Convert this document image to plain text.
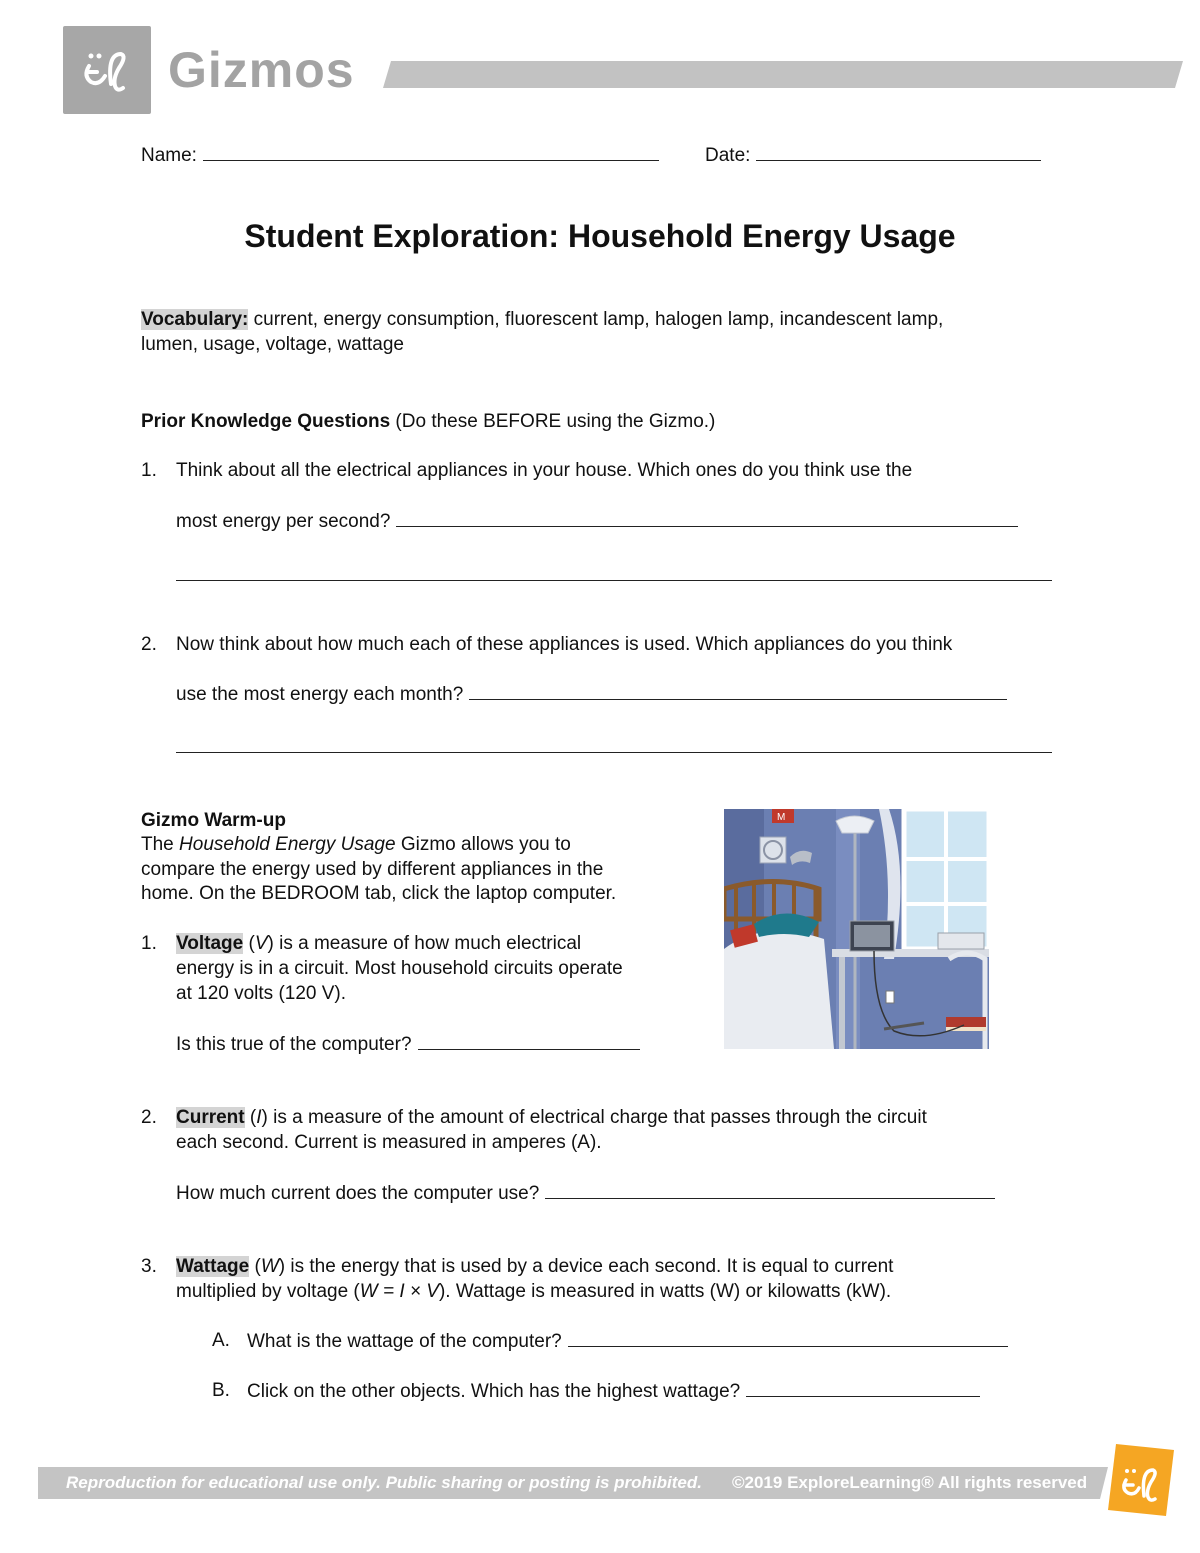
Gizmos
Name:	Date:
Student Exploration: Household Energy Usage
Vocabulary: current, energy consumption, fluorescent lamp, halogen lamp, incandescent lamp,
lumen, usage, voltage, wattage
Prior Knowledge Questions (Do these BEFORE using the Gizmo.)
1. Think about all the electrical appliances in your house. Which ones do you think use the
most energy per second?
2. Now think about how much each of these appliances is used. Which appliances do you think
use the most energy each month?
Gizmo Warm-up
The Household Energy Usage Gizmo allows you to
compare the energy used by different appliances in the
home. On the BEDROOM tab, click the laptop computer.
1. Voltage (V) is a measure of how much electrical
energy is in a circuit. Most household circuits operate
at 120 volts (120 V).
Is this true of the computer?
M
2. Current (I) is a measure of the amount of electrical charge that passes through the circuit
each second. Current is measured in amperes (A).
How much current does the computer use?
3. Wattage (W) is the energy that is used by a device each second. It is equal to current
multiplied by voltage (W = I × V). Wattage is measured in watts (W) or kilowatts (kW).
A. What is the wattage of the computer?
B. Click on the other objects. Which has the highest wattage?
Reproduction for educational use only. Public sharing or posting is prohibited. ©2019 ExploreLearning® All rights reserved
